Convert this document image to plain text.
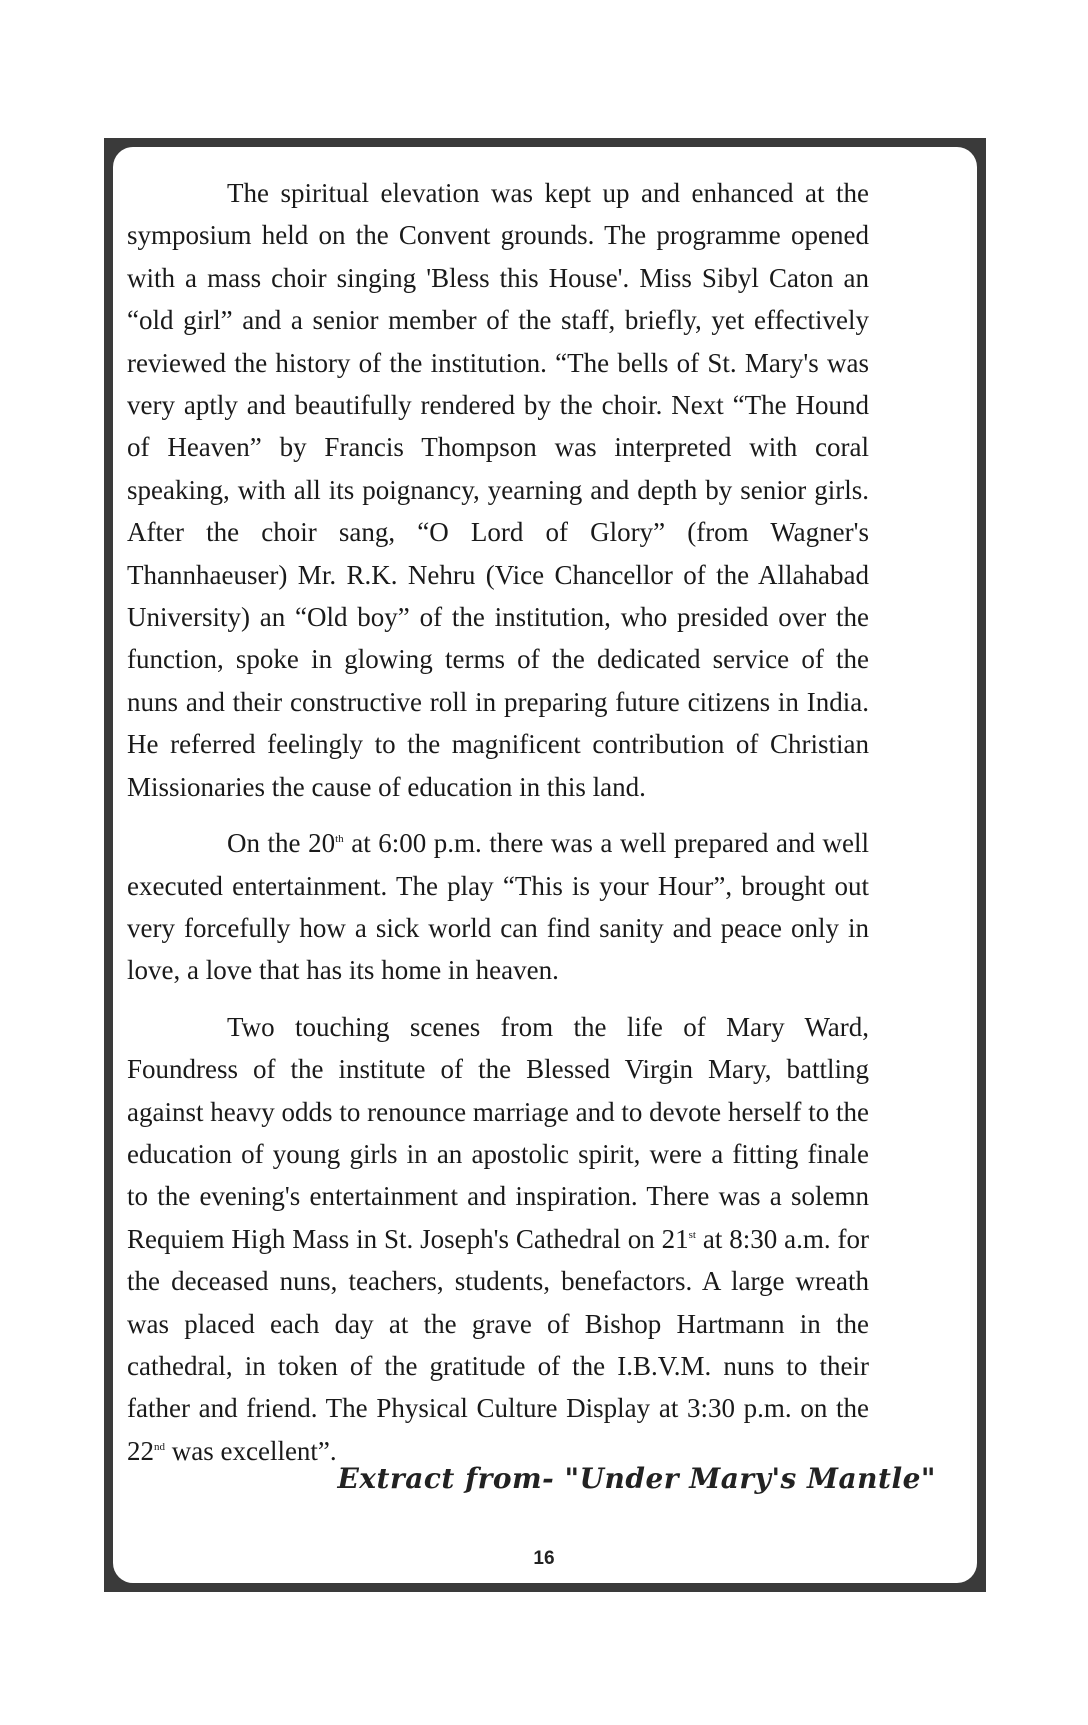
The spiritual elevation was kept up and enhanced at the symposium held on the Convent grounds. The programme opened with a mass choir singing 'Bless this House'. Miss Sibyl Caton an “old girl” and a senior member of the staff, briefly, yet effectively reviewed the history of the institution. “The bells of St. Mary's was very aptly and beautifully rendered by the choir. Next “The Hound of Heaven” by Francis Thompson was interpreted with coral speaking, with all its poignancy, yearning and depth by senior girls. After the choir sang, “O Lord of Glory” (from Wagner's Thannhaeuser) Mr. R.K. Nehru (Vice Chancellor of the Allahabad University) an “Old boy” of the institution, who presided over the function, spoke in glowing terms of the dedicated service of the nuns and their constructive roll in preparing future citizens in India. He referred feelingly to the magnificent contribution of Christian Missionaries the cause of education in this land.

On the 20th at 6:00 p.m. there was a well prepared and well executed entertainment. The play “This is your Hour”, brought out very forcefully how a sick world can find sanity and peace only in love, a love that has its home in heaven.

Two touching scenes from the life of Mary Ward, Foundress of the institute of the Blessed Virgin Mary, battling against heavy odds to renounce marriage and to devote herself to the education of young girls in an apostolic spirit, were a fitting finale to the evening's entertainment and inspiration. There was a solemn Requiem High Mass in St. Joseph's Cathedral on 21st at 8:30 a.m. for the deceased nuns, teachers, students, benefactors. A large wreath was placed each day at the grave of Bishop Hartmann in the cathedral, in token of the gratitude of the I.B.V.M. nuns to their father and friend. The Physical Culture Display at 3:30 p.m. on the 22nd was excellent”.

Extract from- "Under Mary's Mantle"
16
